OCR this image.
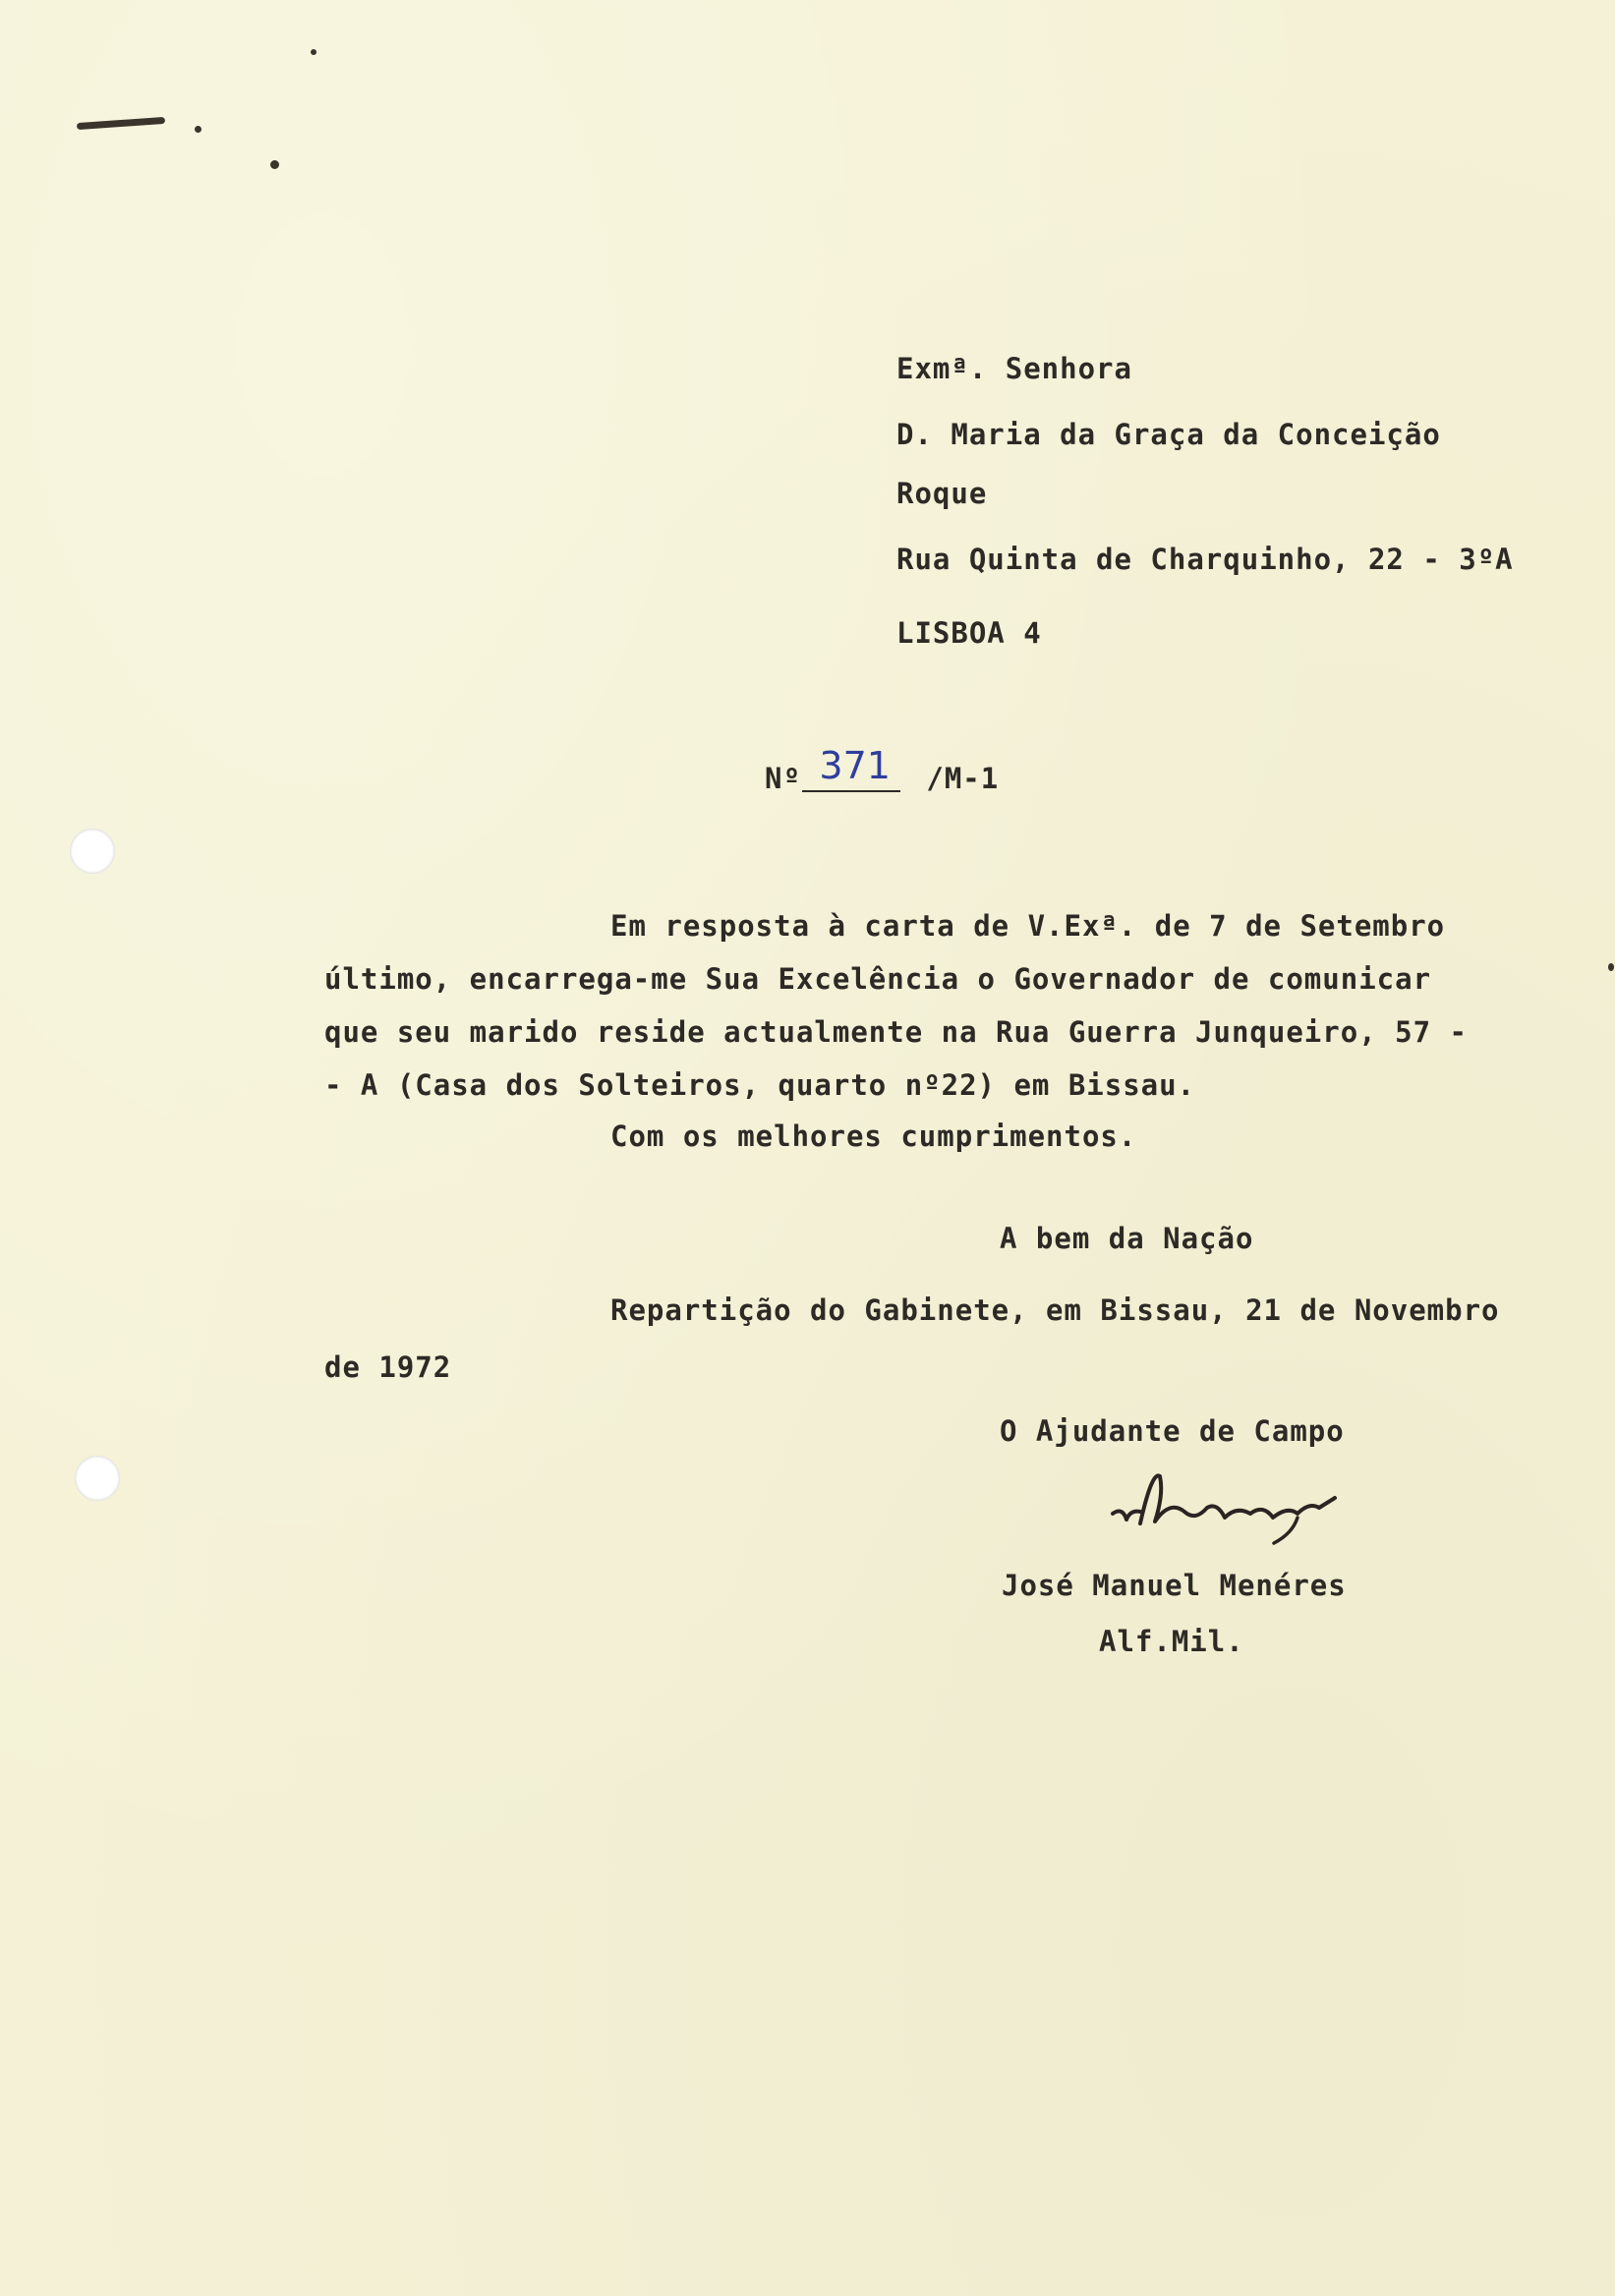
Exmª. Senhora

D. Maria da Graça da Conceição

Roque

Rua Quinta de Charquinho, 22 - 3ºA

LISBOA 4

Nº 371 /M-1

Em resposta à carta de V.Exª. de 7 de Setembro

último, encarrega-me Sua Excelência o Governador de comunicar

que seu marido reside actualmente na Rua Guerra Junqueiro, 57 -

- A (Casa dos Solteiros, quarto nº22) em Bissau.

Com os melhores cumprimentos.

A bem da Nação

Repartição do Gabinete, em Bissau, 21 de Novembro

de 1972

O Ajudante de Campo

José Manuel Menéres

Alf.Mil.
